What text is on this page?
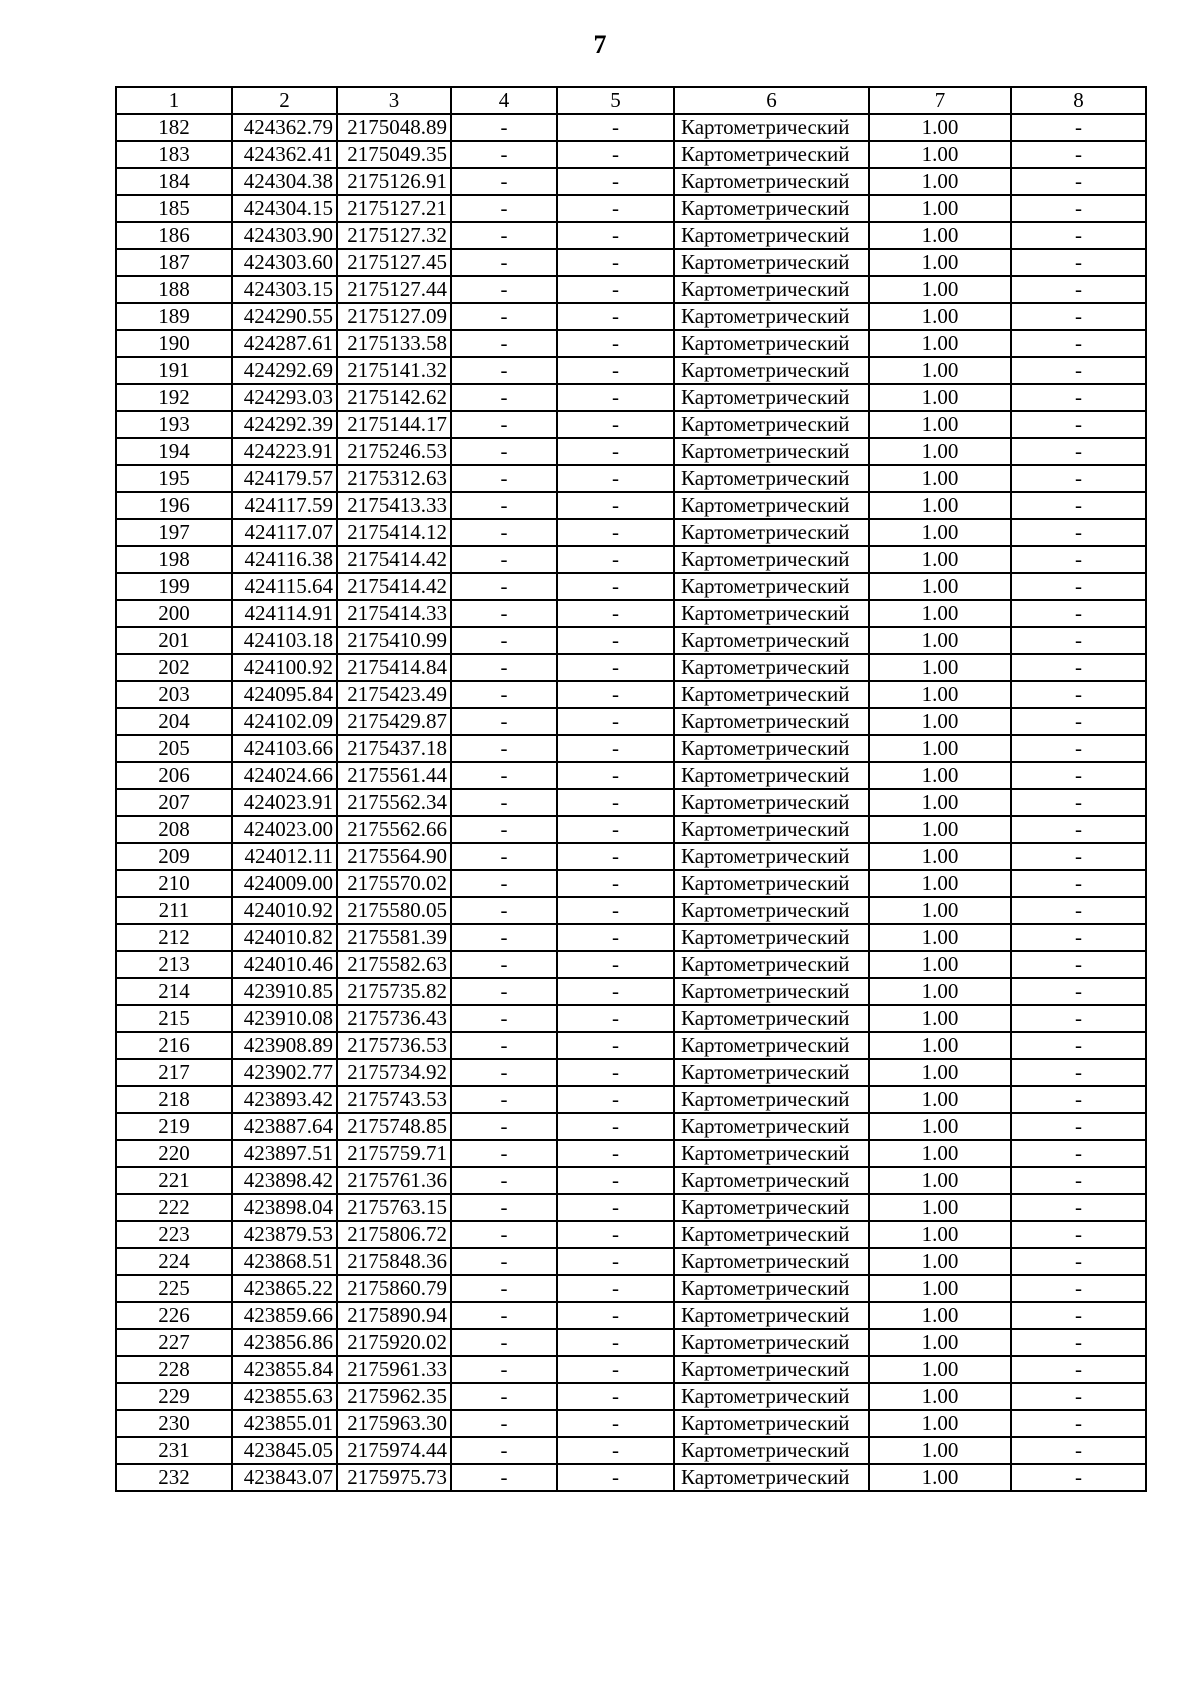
7
1	2	3	4	5	6	7	8
182	424362.79	2175048.89	-	-	Картометрический	1.00	-
183	424362.41	2175049.35	-	-	Картометрический	1.00	-
184	424304.38	2175126.91	-	-	Картометрический	1.00	-
185	424304.15	2175127.21	-	-	Картометрический	1.00	-
186	424303.90	2175127.32	-	-	Картометрический	1.00	-
187	424303.60	2175127.45	-	-	Картометрический	1.00	-
188	424303.15	2175127.44	-	-	Картометрический	1.00	-
189	424290.55	2175127.09	-	-	Картометрический	1.00	-
190	424287.61	2175133.58	-	-	Картометрический	1.00	-
191	424292.69	2175141.32	-	-	Картометрический	1.00	-
192	424293.03	2175142.62	-	-	Картометрический	1.00	-
193	424292.39	2175144.17	-	-	Картометрический	1.00	-
194	424223.91	2175246.53	-	-	Картометрический	1.00	-
195	424179.57	2175312.63	-	-	Картометрический	1.00	-
196	424117.59	2175413.33	-	-	Картометрический	1.00	-
197	424117.07	2175414.12	-	-	Картометрический	1.00	-
198	424116.38	2175414.42	-	-	Картометрический	1.00	-
199	424115.64	2175414.42	-	-	Картометрический	1.00	-
200	424114.91	2175414.33	-	-	Картометрический	1.00	-
201	424103.18	2175410.99	-	-	Картометрический	1.00	-
202	424100.92	2175414.84	-	-	Картометрический	1.00	-
203	424095.84	2175423.49	-	-	Картометрический	1.00	-
204	424102.09	2175429.87	-	-	Картометрический	1.00	-
205	424103.66	2175437.18	-	-	Картометрический	1.00	-
206	424024.66	2175561.44	-	-	Картометрический	1.00	-
207	424023.91	2175562.34	-	-	Картометрический	1.00	-
208	424023.00	2175562.66	-	-	Картометрический	1.00	-
209	424012.11	2175564.90	-	-	Картометрический	1.00	-
210	424009.00	2175570.02	-	-	Картометрический	1.00	-
211	424010.92	2175580.05	-	-	Картометрический	1.00	-
212	424010.82	2175581.39	-	-	Картометрический	1.00	-
213	424010.46	2175582.63	-	-	Картометрический	1.00	-
214	423910.85	2175735.82	-	-	Картометрический	1.00	-
215	423910.08	2175736.43	-	-	Картометрический	1.00	-
216	423908.89	2175736.53	-	-	Картометрический	1.00	-
217	423902.77	2175734.92	-	-	Картометрический	1.00	-
218	423893.42	2175743.53	-	-	Картометрический	1.00	-
219	423887.64	2175748.85	-	-	Картометрический	1.00	-
220	423897.51	2175759.71	-	-	Картометрический	1.00	-
221	423898.42	2175761.36	-	-	Картометрический	1.00	-
222	423898.04	2175763.15	-	-	Картометрический	1.00	-
223	423879.53	2175806.72	-	-	Картометрический	1.00	-
224	423868.51	2175848.36	-	-	Картометрический	1.00	-
225	423865.22	2175860.79	-	-	Картометрический	1.00	-
226	423859.66	2175890.94	-	-	Картометрический	1.00	-
227	423856.86	2175920.02	-	-	Картометрический	1.00	-
228	423855.84	2175961.33	-	-	Картометрический	1.00	-
229	423855.63	2175962.35	-	-	Картометрический	1.00	-
230	423855.01	2175963.30	-	-	Картометрический	1.00	-
231	423845.05	2175974.44	-	-	Картометрический	1.00	-
232	423843.07	2175975.73	-	-	Картометрический	1.00	-
